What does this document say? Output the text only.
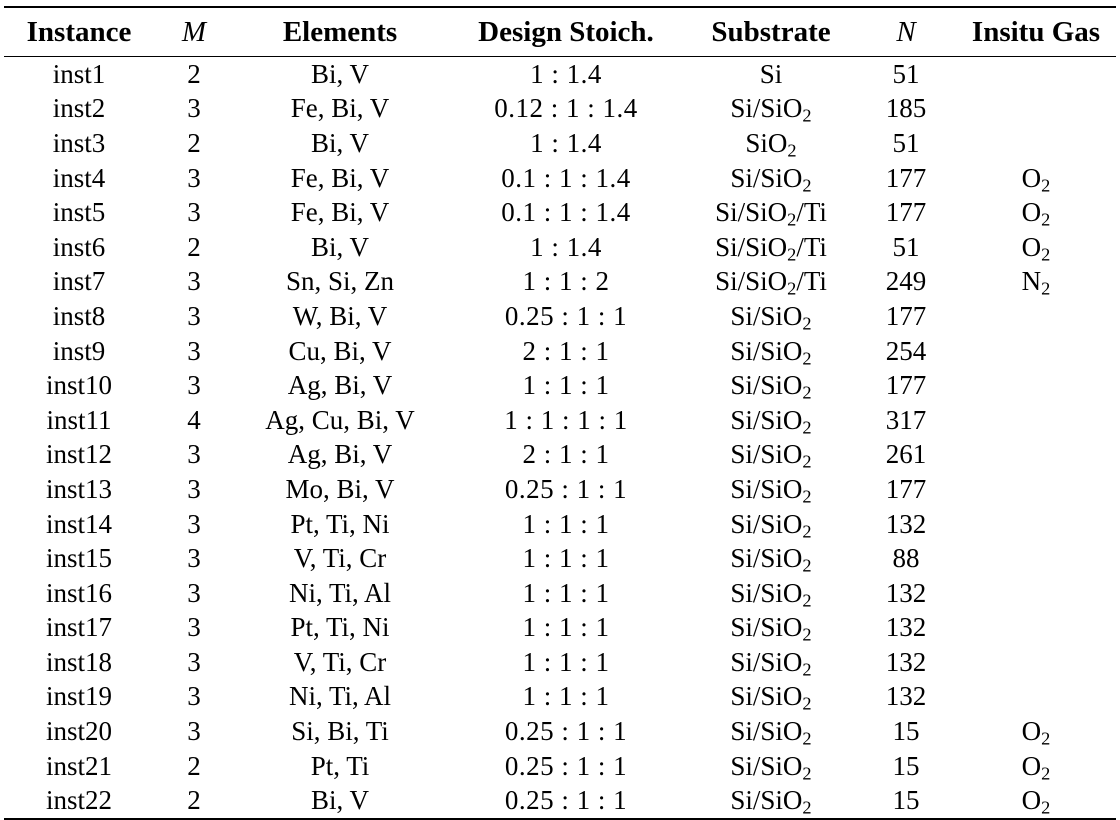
Instance	M	Elements	Design Stoich.	Substrate	N	Insitu Gas
inst1	2	Bi, V	1 : 1.4	Si	51	
inst2	3	Fe, Bi, V	0.12 : 1 : 1.4	Si/SiO$_2$	185	
inst3	2	Bi, V	1 : 1.4	SiO$_2$	51	
inst4	3	Fe, Bi, V	0.1 : 1 : 1.4	Si/SiO$_2$	177	$O_2$
inst5	3	Fe, Bi, V	0.1 : 1 : 1.4	Si/SiO$_2$/Ti	177	$O_2$
inst6	2	Bi, V	1 : 1.4	Si/SiO$_2$/Ti	51	$O_2$
inst7	3	Sn, Si, Zn	1 : 1 : 2	Si/SiO$_2$/Ti	249	$N_2$
inst8	3	W, Bi, V	0.25 : 1 : 1	Si/SiO$_2$	177	
inst9	3	Cu, Bi, V	2 : 1 : 1	Si/SiO$_2$	254	
inst10	3	Ag, Bi, V	1 : 1 : 1	Si/SiO$_2$	177	
inst11	4	Ag, Cu, Bi, V	1 : 1 : 1 : 1	Si/SiO$_2$	317	
inst12	3	Ag, Bi, V	2 : 1 : 1	Si/SiO$_2$	261	
inst13	3	Mo, Bi, V	0.25 : 1 : 1	Si/SiO$_2$	177	
inst14	3	Pt, Ti, Ni	1 : 1 : 1	Si/SiO$_2$	132	
inst15	3	V, Ti, Cr	1 : 1 : 1	Si/SiO$_2$	88	
inst16	3	Ni, Ti, Al	1 : 1 : 1	Si/SiO$_2$	132	
inst17	3	Pt, Ti, Ni	1 : 1 : 1	Si/SiO$_2$	132	
inst18	3	V, Ti, Cr	1 : 1 : 1	Si/SiO$_2$	132	
inst19	3	Ni, Ti, Al	1 : 1 : 1	Si/SiO$_2$	132	
inst20	3	Si, Bi, Ti	0.25 : 1 : 1	Si/SiO$_2$	15	$O_2$
inst21	2	Pt, Ti	0.25 : 1 : 1	Si/SiO$_2$	15	$O_2$
inst22	2	Bi, V	0.25 : 1 : 1	Si/SiO$_2$	15	$O_2$
